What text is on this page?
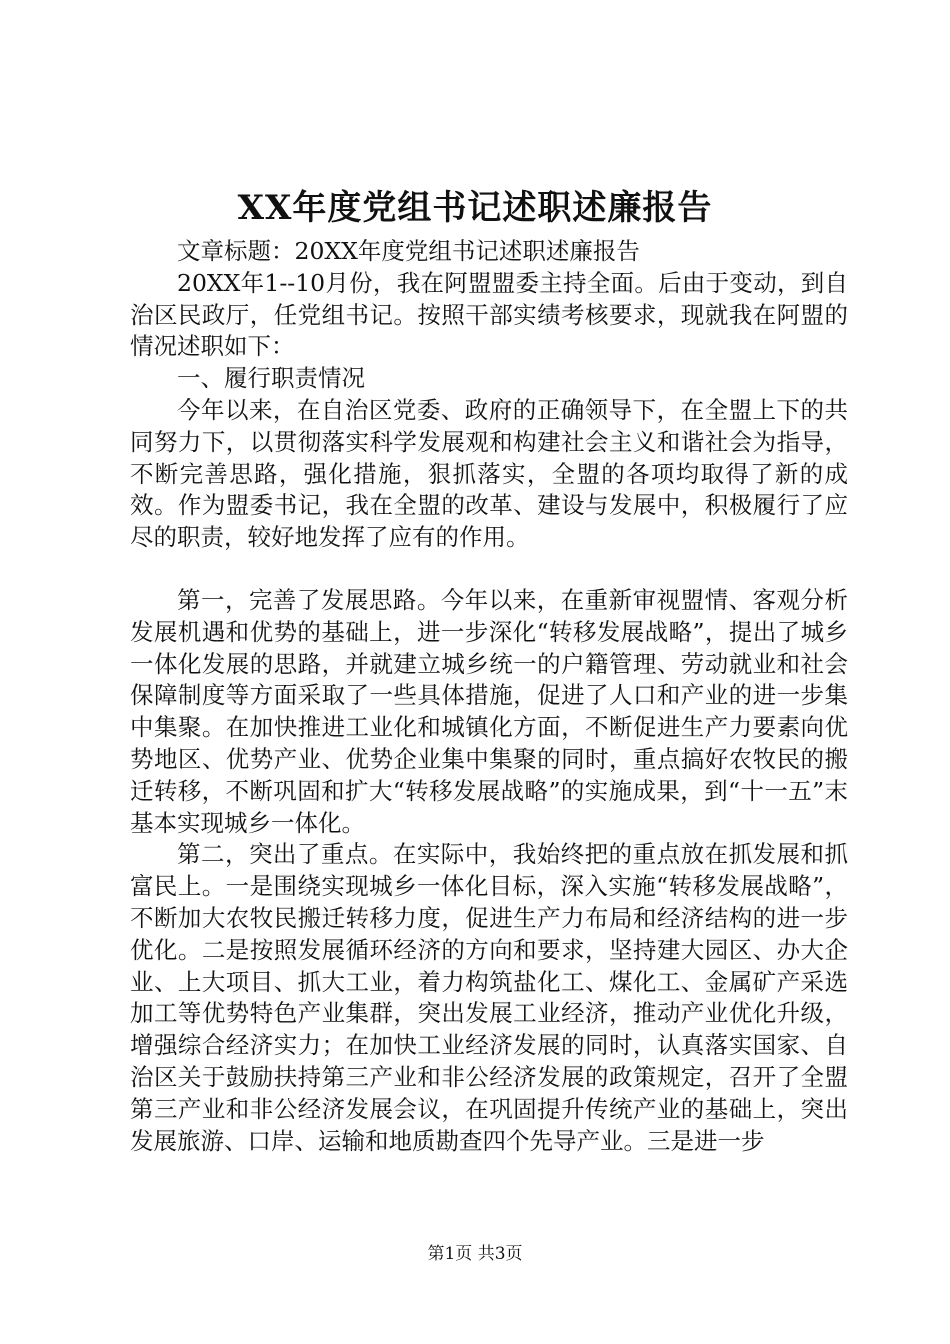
XX年度党组书记述职述廉报告

文章标题：20XX年度党组书记述职述廉报告

20XX年1--10月份，我在阿盟盟委主持全面。后由于变动，到自治区民政厅，任党组书记。按照干部实绩考核要求，现就我在阿盟的情况述职如下：

一、履行职责情况

今年以来，在自治区党委、政府的正确领导下，在全盟上下的共同努力下，以贯彻落实科学发展观和构建社会主义和谐社会为指导，不断完善思路，强化措施，狠抓落实，全盟的各项均取得了新的成效。作为盟委书记，我在全盟的改革、建设与发展中，积极履行了应尽的职责，较好地发挥了应有的作用。

第一，完善了发展思路。今年以来，在重新审视盟情、客观分析发展机遇和优势的基础上，进一步深化“转移发展战略”，提出了城乡一体化发展的思路，并就建立城乡统一的户籍管理、劳动就业和社会保障制度等方面采取了一些具体措施，促进了人口和产业的进一步集中集聚。在加快推进工业化和城镇化方面，不断促进生产力要素向优势地区、优势产业、优势企业集中集聚的同时，重点搞好农牧民的搬迁转移，不断巩固和扩大“转移发展战略”的实施成果，到“十一五”末基本实现城乡一体化。

第二，突出了重点。在实际中，我始终把的重点放在抓发展和抓富民上。一是围绕实现城乡一体化目标，深入实施“转移发展战略”，不断加大农牧民搬迁转移力度，促进生产力布局和经济结构的进一步优化。二是按照发展循环经济的方向和要求，坚持建大园区、办大企业、上大项目、抓大工业，着力构筑盐化工、煤化工、金属矿产采选加工等优势特色产业集群，突出发展工业经济，推动产业优化升级，增强综合经济实力；在加快工业经济发展的同时，认真落实国家、自治区关于鼓励扶持第三产业和非公经济发展的政策规定，召开了全盟第三产业和非公经济发展会议，在巩固提升传统产业的基础上，突出发展旅游、口岸、运输和地质勘查四个先导产业。三是进一步

第1页 共3页
